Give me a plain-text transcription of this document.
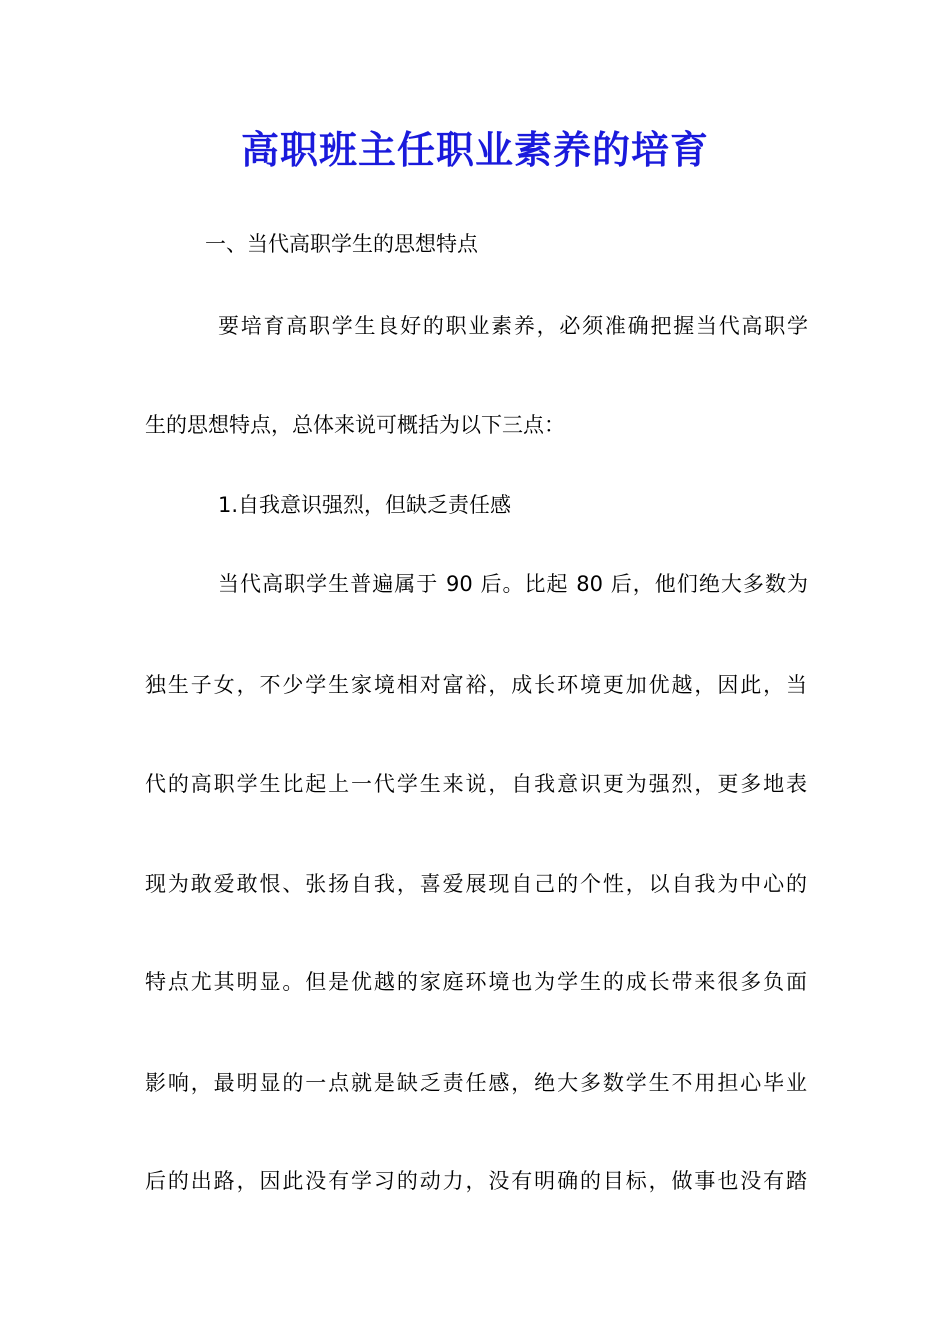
高职班主任职业素养的培育
一、当代高职学生的思想特点
要培育高职学生良好的职业素养，必须准确把握当代高职学
生的思想特点，总体来说可概括为以下三点：
1.自我意识强烈，但缺乏责任感
当代高职学生普遍属于 90 后。比起 80 后，他们绝大多数为
独生子女，不少学生家境相对富裕，成长环境更加优越，因此，当
代的高职学生比起上一代学生来说，自我意识更为强烈，更多地表
现为敢爱敢恨、张扬自我，喜爱展现自己的个性，以自我为中心的
特点尤其明显。但是优越的家庭环境也为学生的成长带来很多负面
影响，最明显的一点就是缺乏责任感，绝大多数学生不用担心毕业
后的出路，因此没有学习的动力，没有明确的目标，做事也没有踏
